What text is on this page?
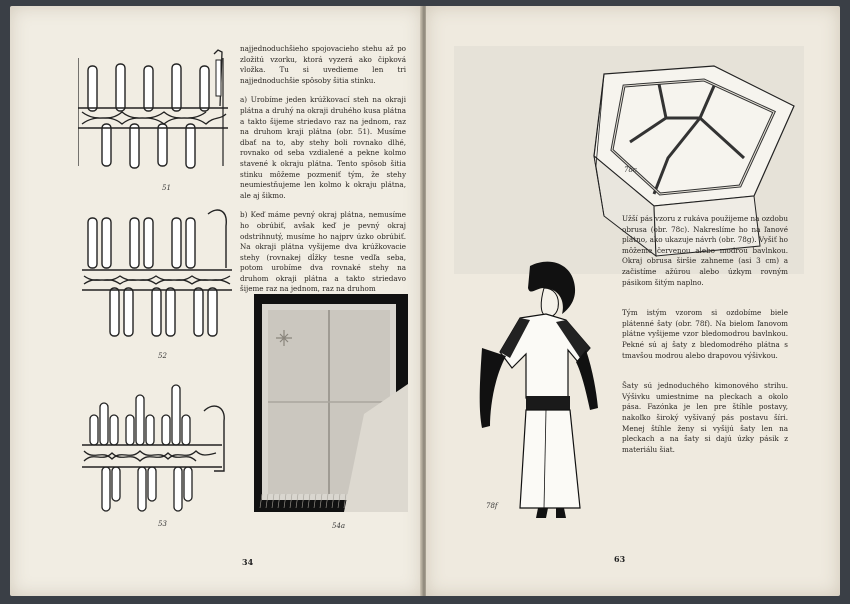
51
52
53

najjednoduchšieho spojovacieho stehu až po zložitú vzorku, ktorá vyzerá ako čipková vložka. Tu si uvedieme len tri najjednoduchšie spôsoby šitia stinku.

a) Urobíme jeden krúžkovací steh na okraji plátna a druhý na okraji druhého kusa plátna a takto šijeme striedavo raz na jednom, raz na druhom kraji plátna (obr. 51). Musíme dbať na to, aby stehy boli rovnako dlhé, rovnako od seba vzdialené a pekne kolmo stavené k okraju plátna. Tento spôsob šitia stinku môžeme pozmeniť tým, že stehy neumiestňujeme len kolmo k okraju plátna, ale aj šikmo.

b) Keď máme pevný okraj plátna, nemusíme ho obrúbiť, avšak keď je pevný okraj odstrihnutý, musíme ho najprv úzko obrúbiť. Na okraji plátna vyšijeme dva krúžkovacie stehy (rovnakej dĺžky tesne vedľa seba, potom urobíme dva rovnaké stehy na druhom okraji plátna a takto striedavo šijeme raz na jednom, raz na druhom

54a
34
78c
78f

Užší pás vzoru z rukáva použijeme na ozdobu obrusa (obr. 78c). Nakreslíme ho na ľanové plátno, ako ukazuje návrh (obr. 78g). Vyšiť ho môžeme červenou alebo modrou bavlnkou. Okraj obrusa širšie zahneme (asi 3 cm) a začistíme ažúrou alebo úzkym rovným pásikom šitým naplno.

Tým istým vzorom si ozdobíme biele plátenné šaty (obr. 78f). Na bielom ľanovom plátne vyšijeme vzor bledomodrou bavlnkou. Pekné sú aj šaty z bledomodrého plátna s tmavšou modrou alebo drapovou výšivkou.

Šaty sú jednoduchého kimonového strihu. Výšivku umiestnime na pleckach a okolo pása. Fazónka je len pre štíhle postavy, nakoľko široký vyšívaný pás postavu šíri. Menej štíhle ženy si vyšijú šaty len na pleckach a na šaty si dajú úzky pásik z materiálu šiat.

63
